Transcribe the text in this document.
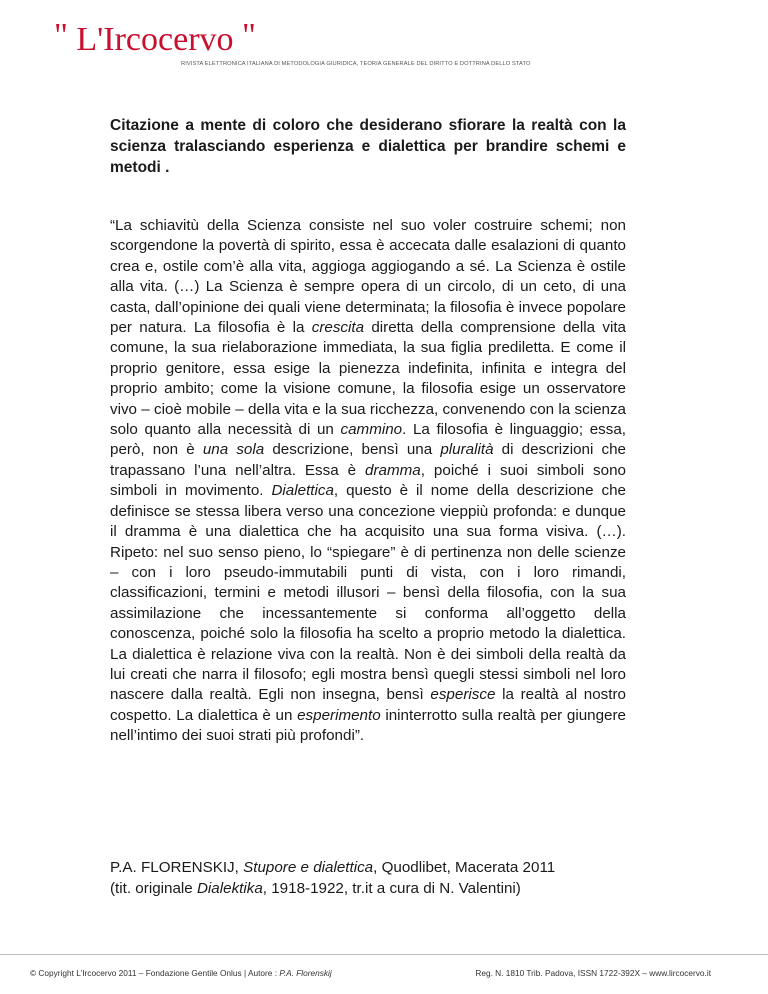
" L'Ircocervo "
RIVISTA ELETTRONICA ITALIANA DI METODOLOGIA GIURIDICA, TEORIA GENERALE DEL DIRITTO E DOTTRINA DELLO STATO

Citazione a mente di coloro che desiderano sfiorare la realtà con la scienza tralasciando esperienza e dialettica per brandire schemi e metodi .

“La schiavitù della Scienza consiste nel suo voler costruire schemi; non scorgendone la povertà di spirito, essa è accecata dalle esalazioni di quanto crea e, ostile com’è alla vita, aggioga aggiogando a sé. La Scienza è ostile alla vita. (…) La Scienza è sempre opera di un circolo, di un ceto, di una casta, dall’opinione dei quali viene determinata; la filosofia è invece popolare per natura. La filosofia è la crescita diretta della comprensione della vita comune, la sua rielaborazione immediata, la sua figlia prediletta. E come il proprio genitore, essa esige la pienezza indefinita, infinita e integra del proprio ambito; come la visione comune, la filosofia esige un osservatore vivo – cioè mobile – della vita e la sua ricchezza, convenendo con la scienza solo quanto alla necessità di un cammino. La filosofia è linguaggio; essa, però, non è una sola descrizione, bensì una pluralità di descrizioni che trapassano l’una nell’altra. Essa è dramma, poiché i suoi simboli sono simboli in movimento. Dialettica, questo è il nome della descrizione che definisce se stessa libera verso una concezione vieppiù profonda: e dunque il dramma è una dialettica che ha acquisito una sua forma visiva. (…). Ripeto: nel suo senso pieno, lo “spiegare” è di pertinenza non delle scienze – con i loro pseudo-immutabili punti di vista, con i loro rimandi, classificazioni, termini e metodi illusori – bensì della filosofia, con la sua assimilazione che incessantemente si conforma all’oggetto della conoscenza, poiché solo la filosofia ha scelto a proprio metodo la dialettica. La dialettica è relazione viva con la realtà. Non è dei simboli della realtà da lui creati che narra il filosofo; egli mostra bensì quegli stessi simboli nel loro nascere dalla realtà. Egli non insegna, bensì esperisce la realtà al nostro cospetto. La dialettica è un esperimento ininterrotto sulla realtà per giungere nell’intimo dei suoi strati più profondi”.

P.A. FLORENSKIJ, Stupore e dialettica, Quodlibet, Macerata 2011
(tit. originale Dialektika, 1918-1922, tr.it a cura di N. Valentini)

© Copyright L’Ircocervo 2011 – Fondazione Gentile Onlus | Autore : P.A. Florenskij	Reg. N. 1810 Trib. Padova, ISSN 1722-392X – www.lircocervo.it
